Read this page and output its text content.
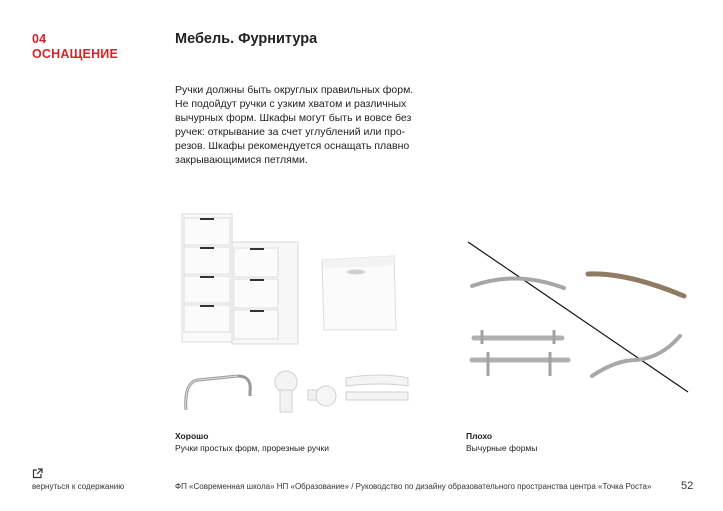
04
ОСНАЩЕНИЕ
Мебель. Фурнитура
Ручки должны быть округлых правильных форм.
Не подойдут ручки с узким хватом и различных
вычурных форм. Шкафы могут быть и вовсе без
ручек: открывание за счет углублений или про-
резов. Шкафы рекомендуется оснащать плавно
закрывающимися петлями.
Хорошо
Ручки простых форм, прорезные ручки
Плохо
Вычурные формы
вернуться к содержанию	ФП «Современная школа» НП «Образование» / Руководство по дизайну образовательного пространства центра «Точка Роста»	52
